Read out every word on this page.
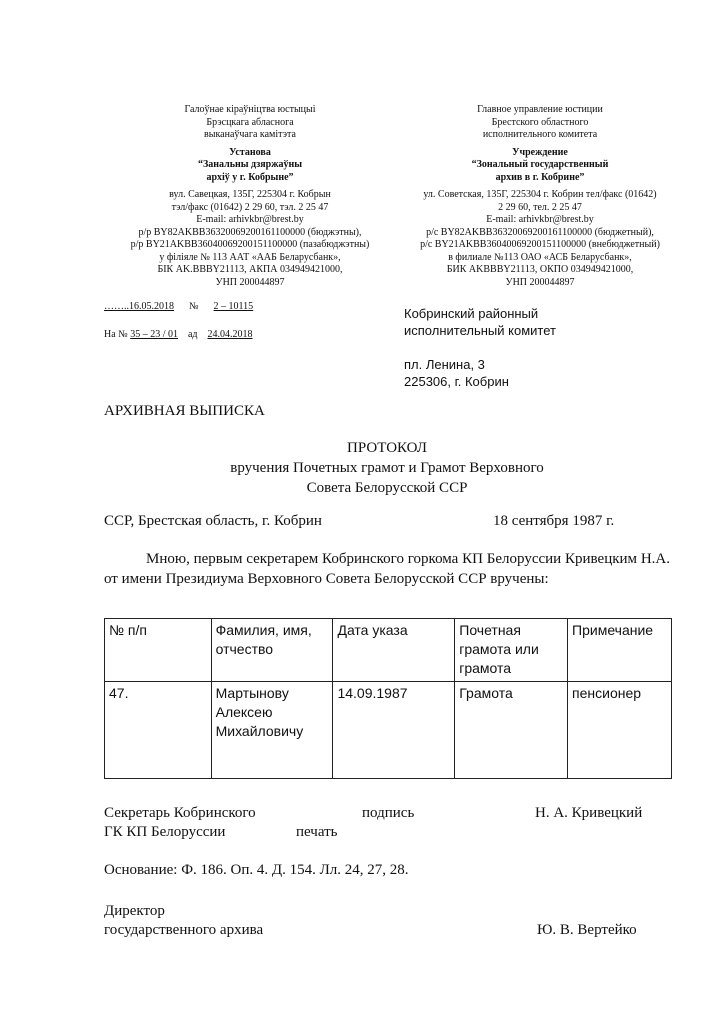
Галоўнае кіраўніцтва юстыцыі
Брэсцкага абласнога
выканаўчага камітэта
Установа
“Занальны дзяржаўны
архіў у г. Кобрыне”
вул. Савецкая, 135Г, 225304 г. Кобрын
тэл/факс (01642) 2 29 60, тэл. 2 25 47
E-mail: arhivkbr@brest.by
р/р BY82AKBB36320069200161100000 (бюджэтны),
р/р BY21AKBB36040069200151100000 (пазабюджэтны)
у філіяле № 113 ААТ «ААБ Беларусбанк»,
БІК AK.BBBY21113, АКПА 034949421000,
УНП 200044897
Главное управление юстиции
Брестского областного
исполнительного комитета
Учреждение
“Зональный государственный
архив в г. Кобрине”
ул. Советская, 135Г, 225304 г. Кобрин тел/факс (01642)
2 29 60, тел. 2 25 47
E-mail: arhivkbr@brest.by
р/с BY82AKBB36320069200161100000 (бюджетный),
р/с BY21AKBB36040069200151100000 (внебюджетный)
в филиале №113 ОАО «АСБ Беларусбанк»,
БИК AKBBBY21113, ОКПО 034949421000,
УНП 200044897
……..16.05.2018 № 2 – 10115
На № 35 – 23 / 01 ад 24.04.2018
Кобринский районный
исполнительный комитет
пл. Ленина, 3
225306, г. Кобрин
АРХИВНАЯ ВЫПИСКА
ПРОТОКОЛ
вручения Почетных грамот и Грамот Верховного
Совета Белорусской ССР
ССР, Брестская область, г. Кобрин	18 сентября 1987 г.
Мною, первым секретарем Кобринского горкома КП Белоруссии Кривецким Н.А. от имени Президиума Верховного Совета Белорусской ССР вручены:
№ п/п	Фамилия, имя, отчество	Дата указа	Почетная грамота или грамота	Примечание
47.	Мартынову Алексею Михайловичу	14.09.1987	Грамота	пенсионер
Секретарь Кобринского	подпись	Н. А. Кривецкий
ГК КП Белоруссии	печать
Основание: Ф. 186. Оп. 4. Д. 154. Лл. 24, 27, 28.
Директор
государственного архива	Ю. В. Вертейко
